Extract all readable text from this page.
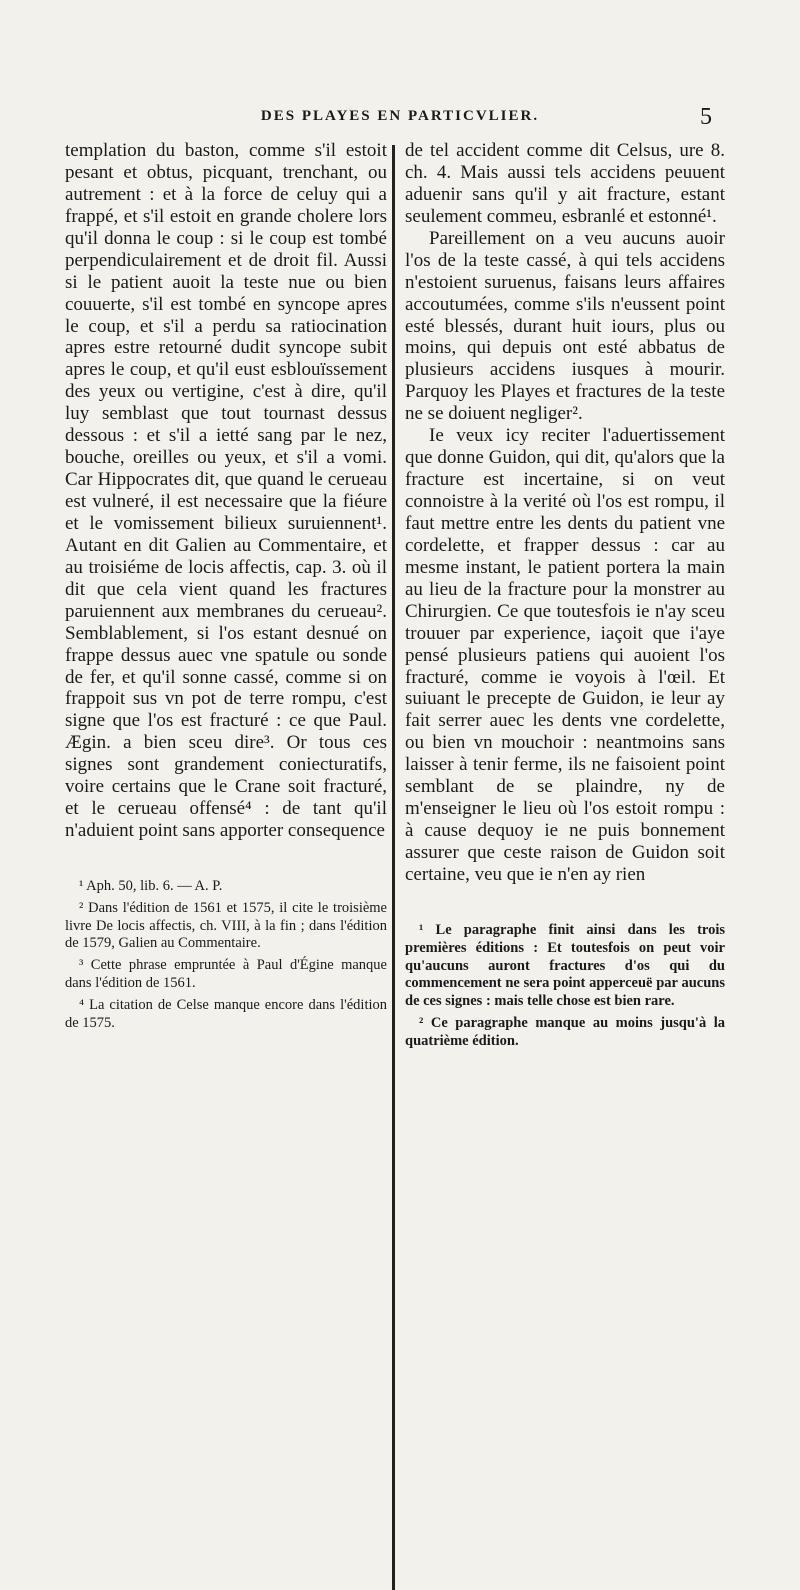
DES PLAYES EN PARTICVLIER.	5

templation du baston, comme s'il estoit pesant et obtus, picquant, trenchant, ou autrement : et à la force de celuy qui a frappé, et s'il estoit en grande cholere lors qu'il donna le coup : si le coup est tombé perpendiculairement et de droit fil. Aussi si le patient auoit la teste nue ou bien couuerte, s'il est tombé en syncope apres le coup, et s'il a perdu sa ratiocination apres estre retourné dudit syncope subit apres le coup, et qu'il eust esblouïssement des yeux ou vertigine, c'est à dire, qu'il luy semblast que tout tournast dessus dessous : et s'il a ietté sang par le nez, bouche, oreilles ou yeux, et s'il a vomi. Car Hippocrates dit, que quand le cerueau est vulneré, il est necessaire que la fiéure et le vomissement bilieux suruiennent¹. Autant en dit Galien au Commentaire, et au troisiéme de locis affectis, cap. 3. où il dit que cela vient quand les fractures paruiennent aux membranes du cerueau². Semblablement, si l'os estant desnué on frappe dessus auec vne spatule ou sonde de fer, et qu'il sonne cassé, comme si on frappoit sus vn pot de terre rompu, c'est signe que l'os est fracturé : ce que Paul. Ægin. a bien sceu dire³. Or tous ces signes sont grandement coniecturatifs, voire certains que le Crane soit fracturé, et le cerueau offensé⁴ : de tant qu'il n'aduient point sans apporter consequence

¹ Aph. 50, lib. 6. — A. P.

² Dans l'édition de 1561 et 1575, il cite le troisième livre De locis affectis, ch. VIII, à la fin ; dans l'édition de 1579, Galien au Commentaire.

³ Cette phrase empruntée à Paul d'Égine manque dans l'édition de 1561.

⁴ La citation de Celse manque encore dans l'édition de 1575.

de tel accident comme dit Celsus, ure 8. ch. 4. Mais aussi tels accidens peuuent aduenir sans qu'il y ait fracture, estant seulement commeu, esbranlé et estonné¹.

Pareillement on a veu aucuns auoir l'os de la teste cassé, à qui tels accidens n'estoient suruenus, faisans leurs affaires accoutumées, comme s'ils n'eussent point esté blessés, durant huit iours, plus ou moins, qui depuis ont esté abbatus de plusieurs accidens iusques à mourir. Parquoy les Playes et fractures de la teste ne se doiuent negliger².

Ie veux icy reciter l'aduertissement que donne Guidon, qui dit, qu'alors que la fracture est incertaine, si on veut connoistre à la verité où l'os est rompu, il faut mettre entre les dents du patient vne cordelette, et frapper dessus : car au mesme instant, le patient portera la main au lieu de la fracture pour la monstrer au Chirurgien. Ce que toutesfois ie n'ay sceu trouuer par experience, iaçoit que i'aye pensé plusieurs patiens qui auoient l'os fracturé, comme ie voyois à l'œil. Et suiuant le precepte de Guidon, ie leur ay fait serrer auec les dents vne cordelette, ou bien vn mouchoir : neantmoins sans laisser à tenir ferme, ils ne faisoient point semblant de se plaindre, ny de m'enseigner le lieu où l'os estoit rompu : à cause dequoy ie ne puis bonnement assurer que ceste raison de Guidon soit certaine, veu que ie n'en ay rien

¹ Le paragraphe finit ainsi dans les trois premières éditions : Et toutesfois on peut voir qu'aucuns auront fractures d'os qui du commencement ne sera point apperceuë par aucuns de ces signes : mais telle chose est bien rare.

² Ce paragraphe manque au moins jusqu'à la quatrième édition.
